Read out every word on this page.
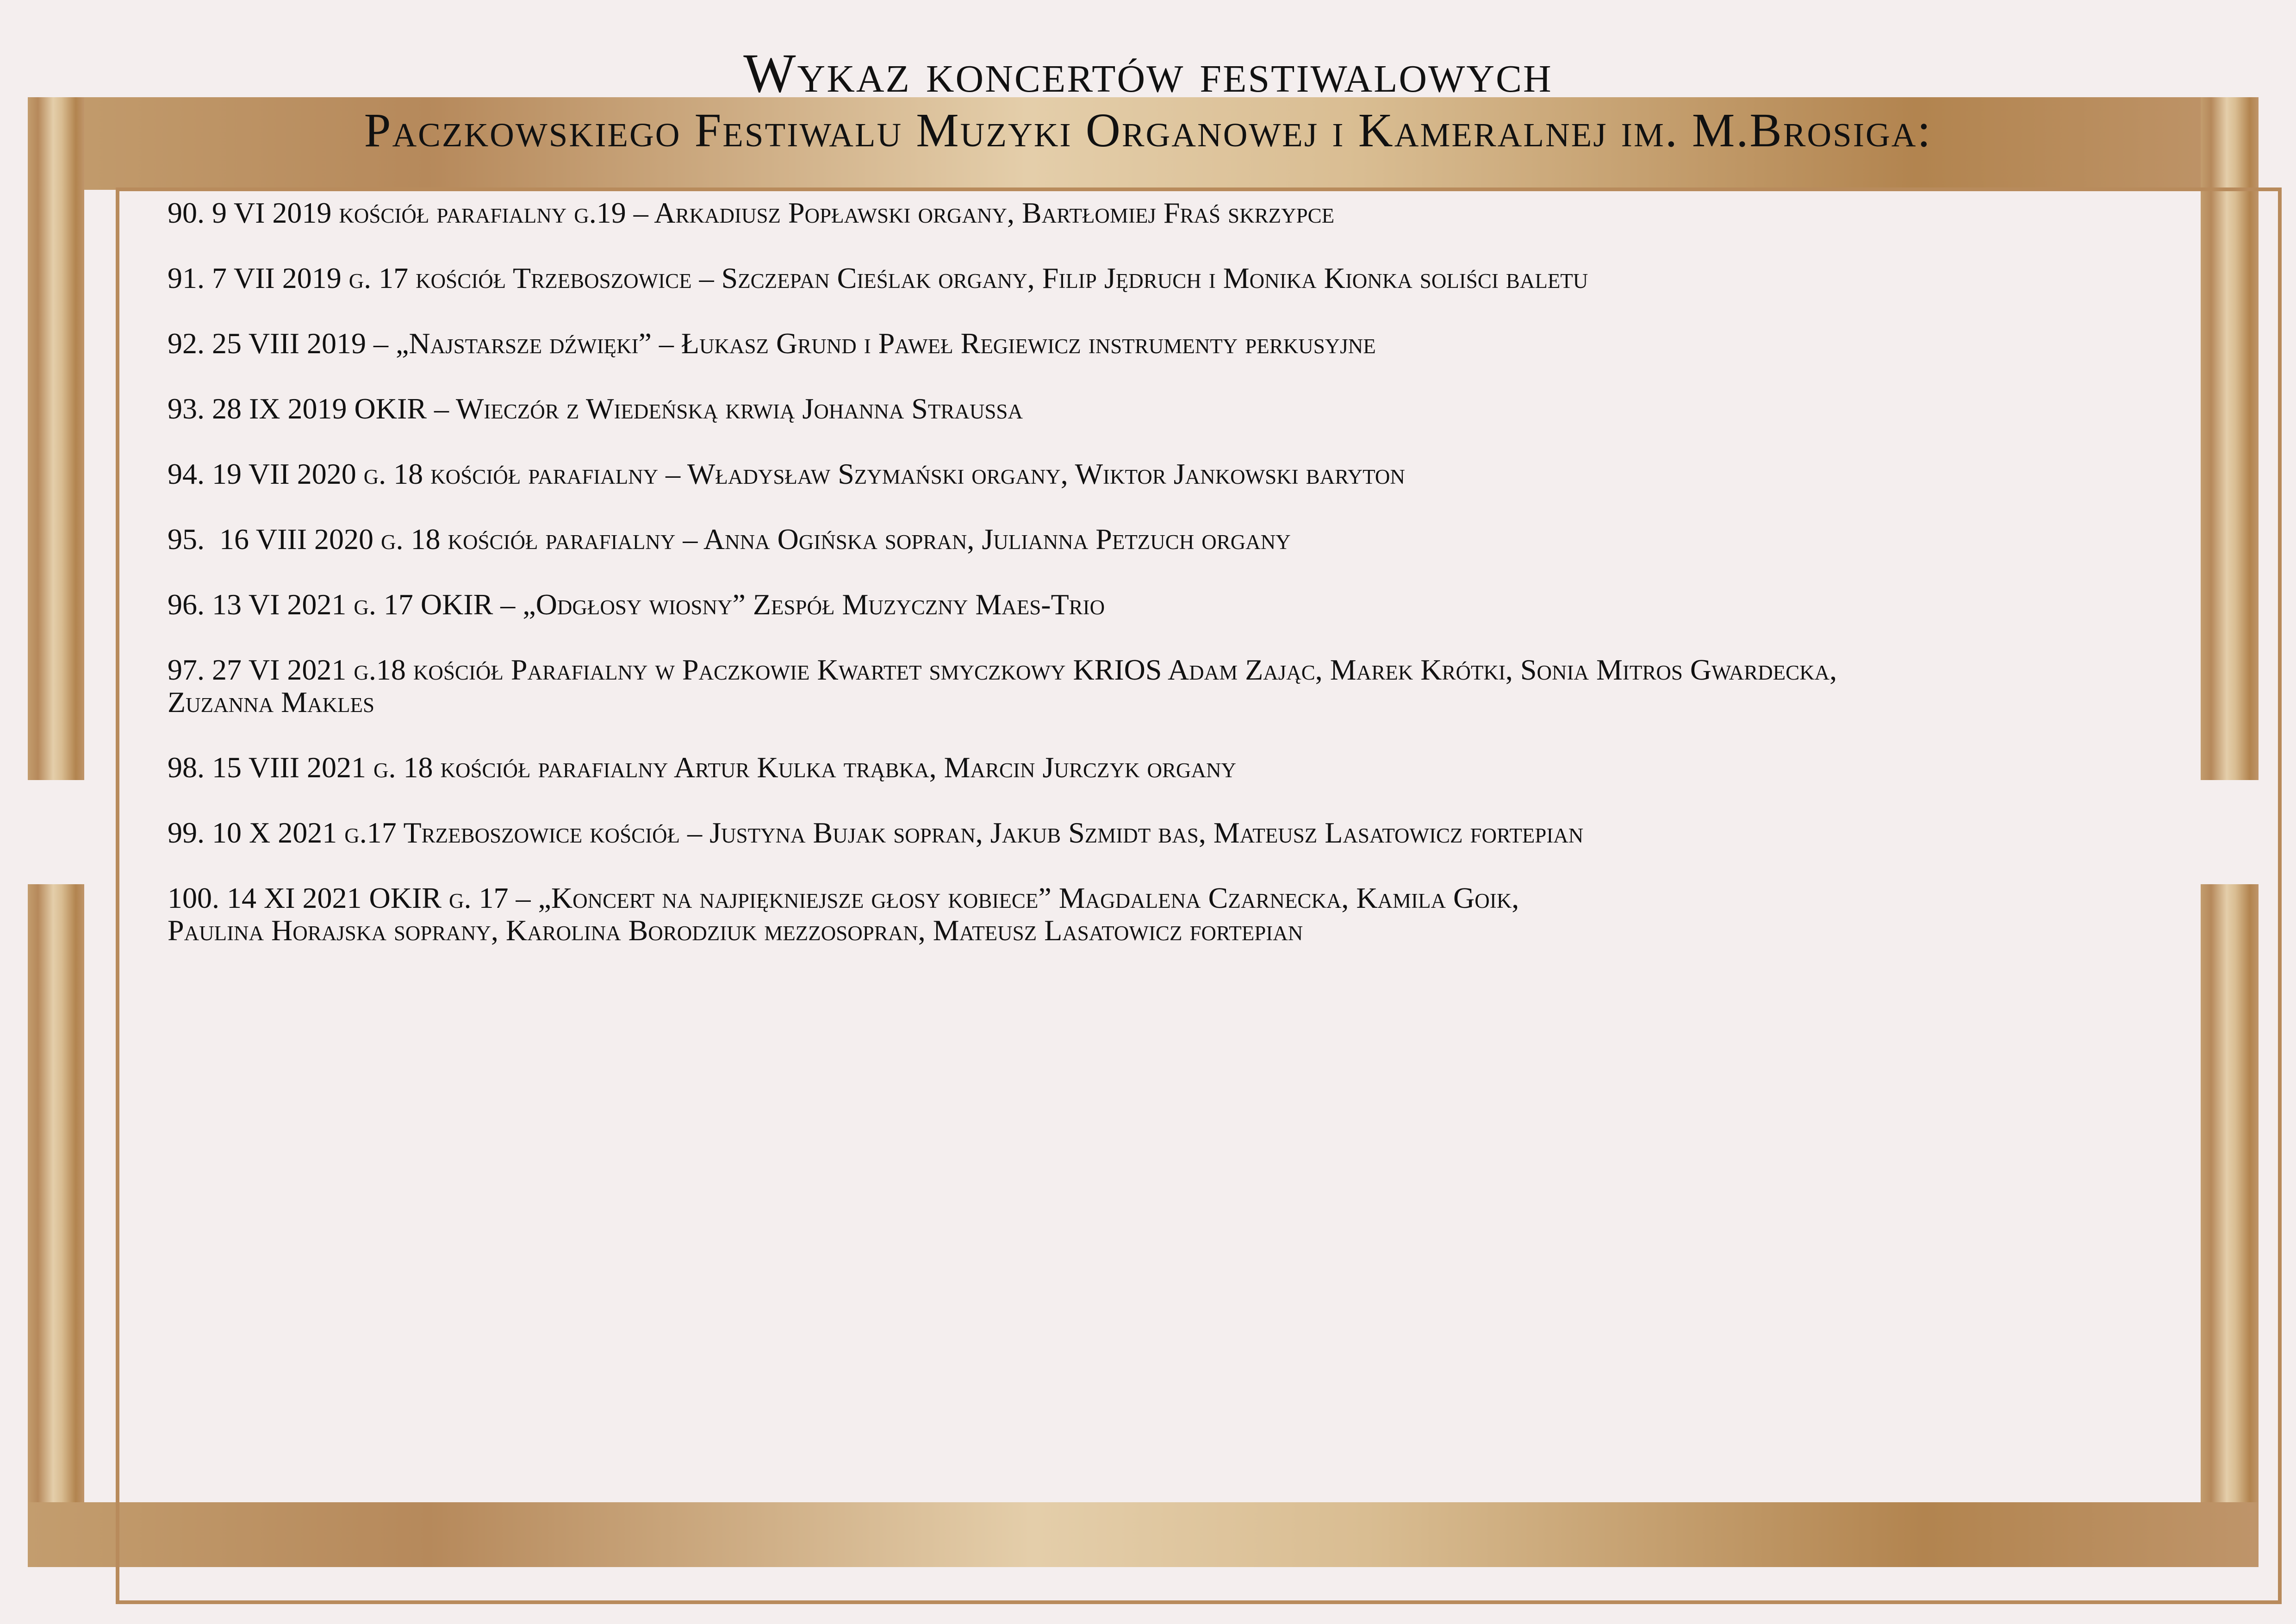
Wykaz koncertów festiwalowych
Paczkowskiego Festiwalu Muzyki Organowej i Kameralnej im. M.Brosiga:
90. 9 VI 2019 kościół parafialny g.19 – Arkadiusz Popławski organy, Bartłomiej Fraś skrzypce
91. 7 VII 2019 g. 17 kościół Trzeboszowice – Szczepan Cieślak organy, Filip Jędruch i Monika Kionka soliści baletu
92. 25 VIII 2019 – „Najstarsze dźwięki” – Łukasz Grund i Paweł Regiewicz instrumenty perkusyjne
93. 28 IX 2019 OKIR – Wieczór z Wiedeńską krwią Johanna Straussa
94. 19 VII 2020 g. 18 kościół parafialny – Władysław Szymański organy, Wiktor Jankowski baryton
95.  16 VIII 2020 g. 18 kościół parafialny – Anna Ogińska sopran, Julianna Petzuch organy
96. 13 VI 2021 g. 17 OKIR – „Odgłosy wiosny” Zespół Muzyczny Maes-Trio
97. 27 VI 2021 g.18 kościół Parafialny w Paczkowie Kwartet smyczkowy KRIOS Adam Zając, Marek Krótki, Sonia Mitros Gwardecka,
Zuzanna Makles
98. 15 VIII 2021 g. 18 kościół parafialny Artur Kulka trąbka, Marcin Jurczyk organy
99. 10 X 2021 g.17 Trzeboszowice kościół – Justyna Bujak sopran, Jakub Szmidt bas, Mateusz Lasatowicz fortepian
100. 14 XI 2021 OKIR g. 17 – „Koncert na najpiękniejsze głosy kobiece” Magdalena Czarnecka, Kamila Goik,
Paulina Horajska soprany, Karolina Borodziuk mezzosopran, Mateusz Lasatowicz fortepian
